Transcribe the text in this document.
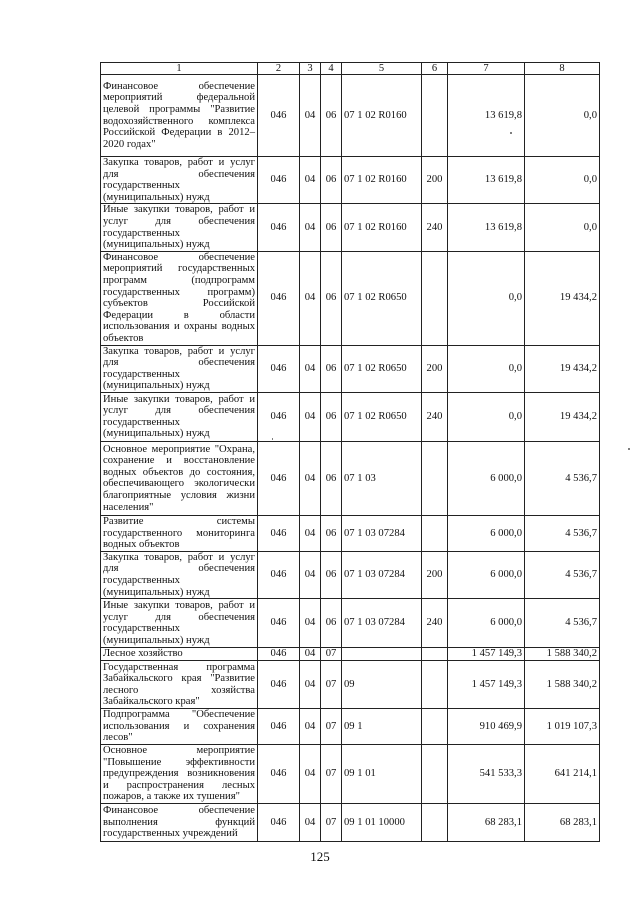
1	2	3	4	5	6	7	8
Финансовое обеспечение мероприятий федеральной целевой программы "Развитие водохозяйственного комплекса Российской Федерации в 2012–2020 годах"	046	04	06	07 1 02 R0160		13 619,8	0,0
Закупка товаров, работ и услуг для обеспечения государственных (муниципальных) нужд	046	04	06	07 1 02 R0160	200	13 619,8	0,0
Иные закупки товаров, работ и услуг для обеспечения государственных (муниципальных) нужд	046	04	06	07 1 02 R0160	240	13 619,8	0,0
Финансовое обеспечение мероприятий государственных программ (подпрограмм государственных программ) субъектов Российской Федерации в области использования и охраны водных объектов	046	04	06	07 1 02 R0650		0,0	19 434,2
Закупка товаров, работ и услуг для обеспечения государственных (муниципальных) нужд	046	04	06	07 1 02 R0650	200	0,0	19 434,2
Иные закупки товаров, работ и услуг для обеспечения государственных (муниципальных) нужд	046	04	06	07 1 02 R0650	240	0,0	19 434,2
Основное мероприятие "Охрана, сохранение и восстановление водных объектов до состояния, обеспечивающего экологически благоприятные условия жизни населения"	046	04	06	07 1 03		6 000,0	4 536,7
Развитие системы государственного мониторинга водных объектов	046	04	06	07 1 03 07284		6 000,0	4 536,7
Закупка товаров, работ и услуг для обеспечения государственных (муниципальных) нужд	046	04	06	07 1 03 07284	200	6 000,0	4 536,7
Иные закупки товаров, работ и услуг для обеспечения государственных (муниципальных) нужд	046	04	06	07 1 03 07284	240	6 000,0	4 536,7
Лесное хозяйство	046	04	07			1 457 149,3	1 588 340,2
Государственная программа Забайкальского края "Развитие лесного хозяйства Забайкальского края"	046	04	07	09		1 457 149,3	1 588 340,2
Подпрограмма "Обеспечение использования и сохранения лесов"	046	04	07	09 1		910 469,9	1 019 107,3
Основное мероприятие "Повышение эффективности предупреждения возникновения и распространения лесных пожаров, а также их тушения"	046	04	07	09 1 01		541 533,3	641 214,1
Финансовое обеспечение выполнения функций государственных учреждений	046	04	07	09 1 01 10000		68 283,1	68 283,1
125
